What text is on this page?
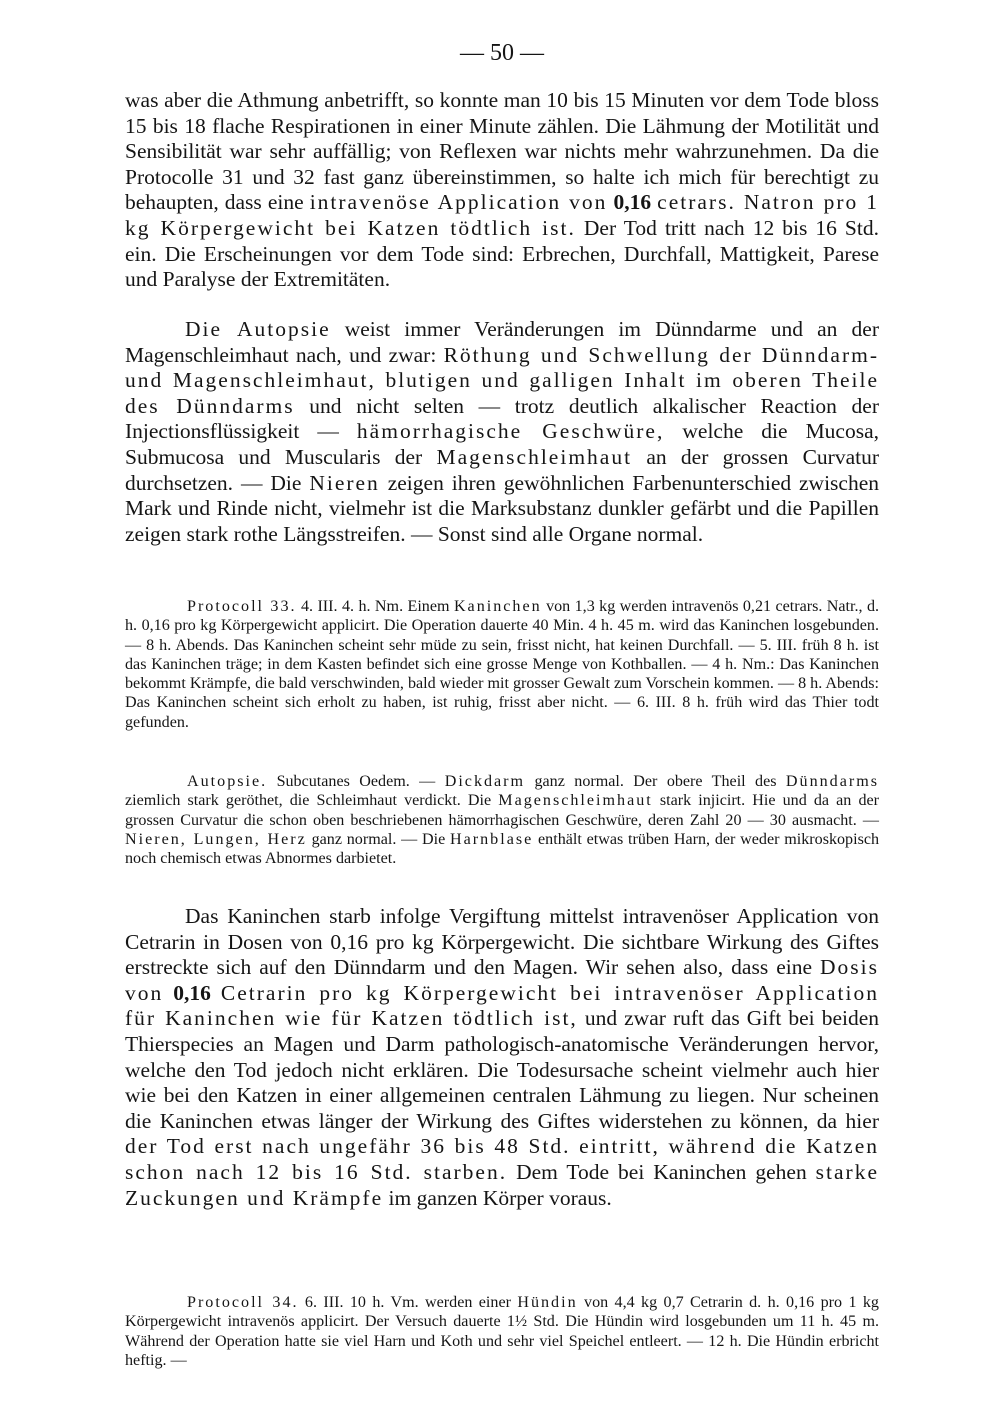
— 50 —

was aber die Athmung anbetrifft, so konnte man 10 bis 15 Minuten vor dem Tode bloss 15 bis 18 flache Respirationen in einer Minute zählen. Die Lähmung der Motilität und Sensibilität war sehr auffällig; von Reflexen war nichts mehr wahrzunehmen. Da die Protocolle 31 und 32 fast ganz übereinstimmen, so halte ich mich für berechtigt zu behaupten, dass eine intravenöse Application von 0,16 cetrars. Natron pro 1 kg Körpergewicht bei Katzen tödtlich ist. Der Tod tritt nach 12 bis 16 Std. ein. Die Erscheinungen vor dem Tode sind: Erbrechen, Durchfall, Mattigkeit, Parese und Paralyse der Extremitäten.

Die Autopsie weist immer Veränderungen im Dünndarme und an der Magenschleimhaut nach, und zwar: Röthung und Schwellung der Dünndarm- und Magenschleimhaut, blutigen und galligen Inhalt im oberen Theile des Dünndarms und nicht selten — trotz deutlich alkalischer Reaction der Injectionsflüssigkeit — hämorrhagische Geschwüre, welche die Mucosa, Submucosa und Muscularis der Magenschleimhaut an der grossen Curvatur durchsetzen. — Die Nieren zeigen ihren gewöhnlichen Farbenunterschied zwischen Mark und Rinde nicht, vielmehr ist die Marksubstanz dunkler gefärbt und die Papillen zeigen stark rothe Längsstreifen. — Sonst sind alle Organe normal.

Protocoll 33. 4. III. 4. h. Nm. Einem Kaninchen von 1,3 kg werden intravenös 0,21 cetrars. Natr., d. h. 0,16 pro kg Körpergewicht applicirt. Die Operation dauerte 40 Min. 4 h. 45 m. wird das Kaninchen losgebunden. — 8 h. Abends. Das Kaninchen scheint sehr müde zu sein, frisst nicht, hat keinen Durchfall. — 5. III. früh 8 h. ist das Kaninchen träge; in dem Kasten befindet sich eine grosse Menge von Kothballen. — 4 h. Nm.: Das Kaninchen bekommt Krämpfe, die bald verschwinden, bald wieder mit grosser Gewalt zum Vorschein kommen. — 8 h. Abends: Das Kaninchen scheint sich erholt zu haben, ist ruhig, frisst aber nicht. — 6. III. 8 h. früh wird das Thier todt gefunden.

Autopsie. Subcutanes Oedem. — Dickdarm ganz normal. Der obere Theil des Dünndarms ziemlich stark geröthet, die Schleimhaut verdickt. Die Magenschleimhaut stark injicirt. Hie und da an der grossen Curvatur die schon oben beschriebenen hämorrhagischen Geschwüre, deren Zahl 20 — 30 ausmacht. — Nieren, Lungen, Herz ganz normal. — Die Harnblase enthält etwas trüben Harn, der weder mikroskopisch noch chemisch etwas Abnormes darbietet.

Das Kaninchen starb infolge Vergiftung mittelst intravenöser Application von Cetrarin in Dosen von 0,16 pro kg Körpergewicht. Die sichtbare Wirkung des Giftes erstreckte sich auf den Dünndarm und den Magen. Wir sehen also, dass eine Dosis von 0,16 Cetrarin pro kg Körpergewicht bei intravenöser Application für Kaninchen wie für Katzen tödtlich ist, und zwar ruft das Gift bei beiden Thierspecies an Magen und Darm pathologisch-anatomische Veränderungen hervor, welche den Tod jedoch nicht erklären. Die Todesursache scheint vielmehr auch hier wie bei den Katzen in einer allgemeinen centralen Lähmung zu liegen. Nur scheinen die Kaninchen etwas länger der Wirkung des Giftes widerstehen zu können, da hier der Tod erst nach ungefähr 36 bis 48 Std. eintritt, während die Katzen schon nach 12 bis 16 Std. starben. Dem Tode bei Kaninchen gehen starke Zuckungen und Krämpfe im ganzen Körper voraus.

Protocoll 34. 6. III. 10 h. Vm. werden einer Hündin von 4,4 kg 0,7 Cetrarin d. h. 0,16 pro 1 kg Körpergewicht intravenös applicirt. Der Versuch dauerte 1½ Std. Die Hündin wird losgebunden um 11 h. 45 m. Während der Operation hatte sie viel Harn und Koth und sehr viel Speichel entleert. — 12 h. Die Hündin erbricht heftig. —
